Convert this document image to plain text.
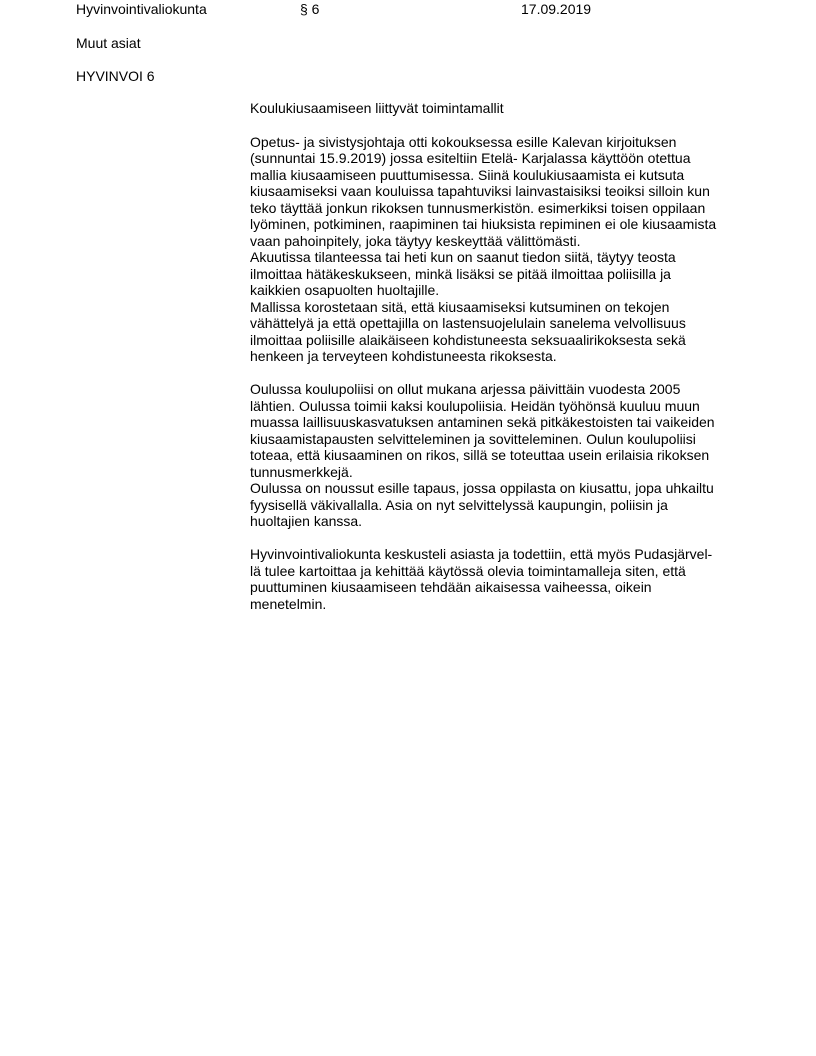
Hyvinvointivaliokunta	§ 6	17.09.2019
Muut asiat
HYVINVOI 6
Koulukiusaamiseen liittyvät toimintamallit
Opetus- ja sivistysjohtaja otti kokouksessa esille Kalevan kirjoituksen
(sunnuntai 15.9.2019) jossa esiteltiin Etelä- Karjalassa käyttöön otettua
mallia kiusaamiseen puuttumisessa. Siinä koulukiusaamista ei kutsuta
kiusaamiseksi vaan kouluissa tapahtuviksi lainvastaisiksi teoiksi silloin kun
teko täyttää jonkun rikoksen tunnusmerkistön. esimerkiksi toisen oppilaan
lyöminen, potkiminen, raapiminen tai hiuksista repiminen ei ole kiusaamista
vaan pahoinpitely, joka täytyy keskeyttää välittömästi.
Akuutissa tilanteessa tai heti kun on saanut tiedon siitä, täytyy teosta
ilmoittaa hätäkeskukseen, minkä lisäksi se pitää ilmoittaa poliisilla ja
kaikkien osapuolten huoltajille.
Mallissa korostetaan sitä, että kiusaamiseksi kutsuminen on tekojen
vähättelyä ja että opettajilla on lastensuojelulain sanelema velvollisuus
ilmoittaa poliisille alaikäiseen kohdistuneesta seksuaalirikoksesta sekä
henkeen ja terveyteen kohdistuneesta rikoksesta.
Oulussa koulupoliisi on ollut mukana arjessa päivittäin vuodesta 2005
lähtien. Oulussa toimii kaksi koulupoliisia. Heidän työhönsä kuuluu muun
muassa laillisuuskasvatuksen antaminen sekä pitkäkestoisten tai vaikeiden
kiusaamistapausten selvitteleminen ja sovitteleminen. Oulun koulupoliisi
toteaa, että kiusaaminen on rikos, sillä se toteuttaa usein erilaisia rikoksen
tunnusmerkkejä.
Oulussa on noussut esille tapaus, jossa oppilasta on kiusattu, jopa uhkailtu
fyysisellä väkivallalla. Asia on nyt selvittelyssä kaupungin, poliisin ja
huoltajien kanssa.
Hyvinvointivaliokunta keskusteli asiasta ja todettiin, että myös Pudasjärvel-
lä tulee kartoittaa ja kehittää käytössä olevia toimintamalleja siten, että
puuttuminen kiusaamiseen tehdään aikaisessa vaiheessa, oikein
menetelmin.
